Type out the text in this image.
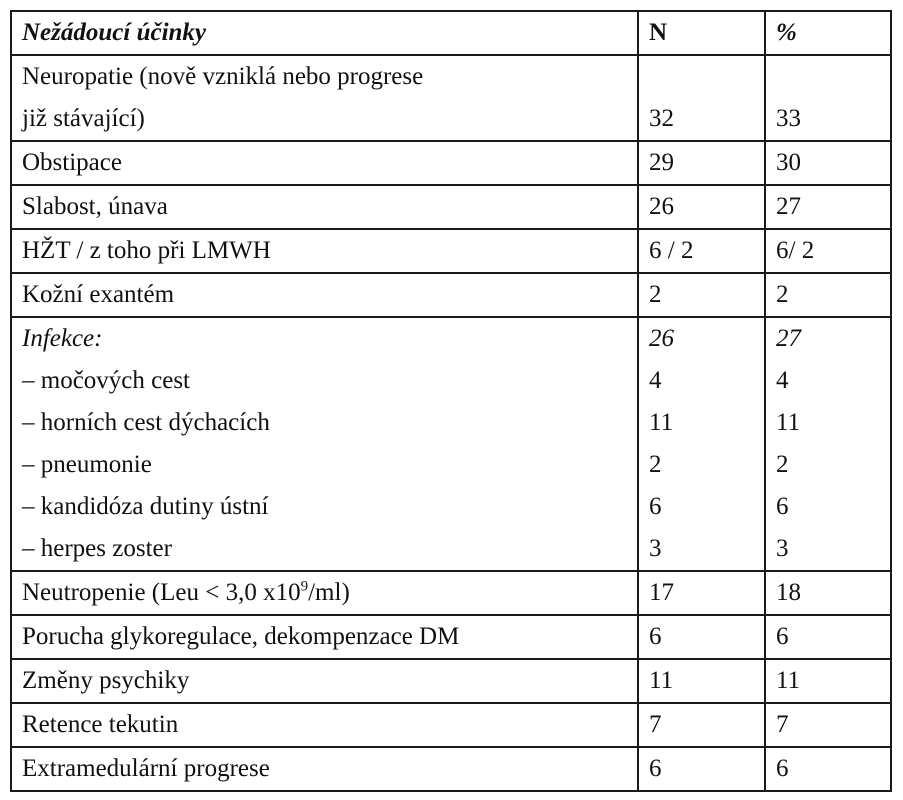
Nežádoucí účinky	N	%
Neuropatie (nově vzniklá nebo progrese
již stávající)	32	33
Obstipace	29	30
Slabost, únava	26	27
HŽT / z toho při LMWH	6 / 2	6/ 2
Kožní exantém	2	2
Infekce:	26	27
– močových cest	4	4
– horních cest dýchacích	11	11
– pneumonie	2	2
– kandidóza dutiny ústní	6	6
– herpes zoster	3	3
Neutropenie (Leu < 3,0 $x10^9/ml$)	17	18
Porucha glykoregulace, dekompenzace DM	6	6
Změny psychiky	11	11
Retence tekutin	7	7
Extramedulární progrese	6	6
